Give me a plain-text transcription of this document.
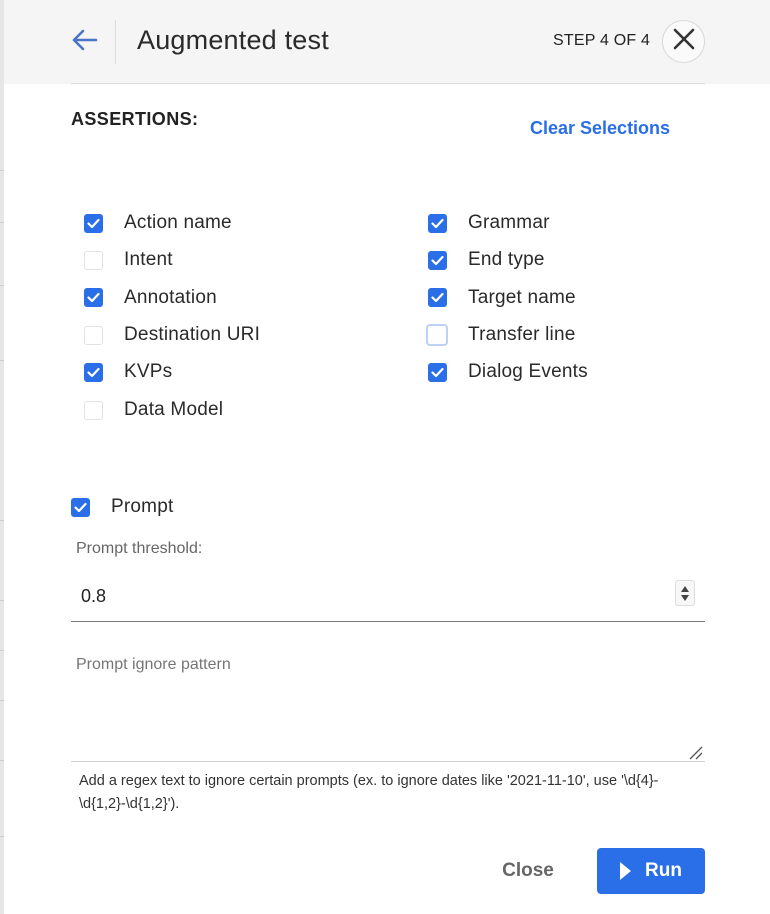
Augmented test	STEP 4 OF 4
ASSERTIONS:	Clear Selections
Action name
Intent
Annotation
Destination URI
KVPs
Data Model
Grammar
End type
Target name
Transfer line
Dialog Events
Prompt
Prompt threshold:
0.8
Prompt ignore pattern
Add a regex text to ignore certain prompts (ex. to ignore dates like '2021-11-10', use '\d{4}-\d{1,2}-\d{1,2}').
Close	Run
